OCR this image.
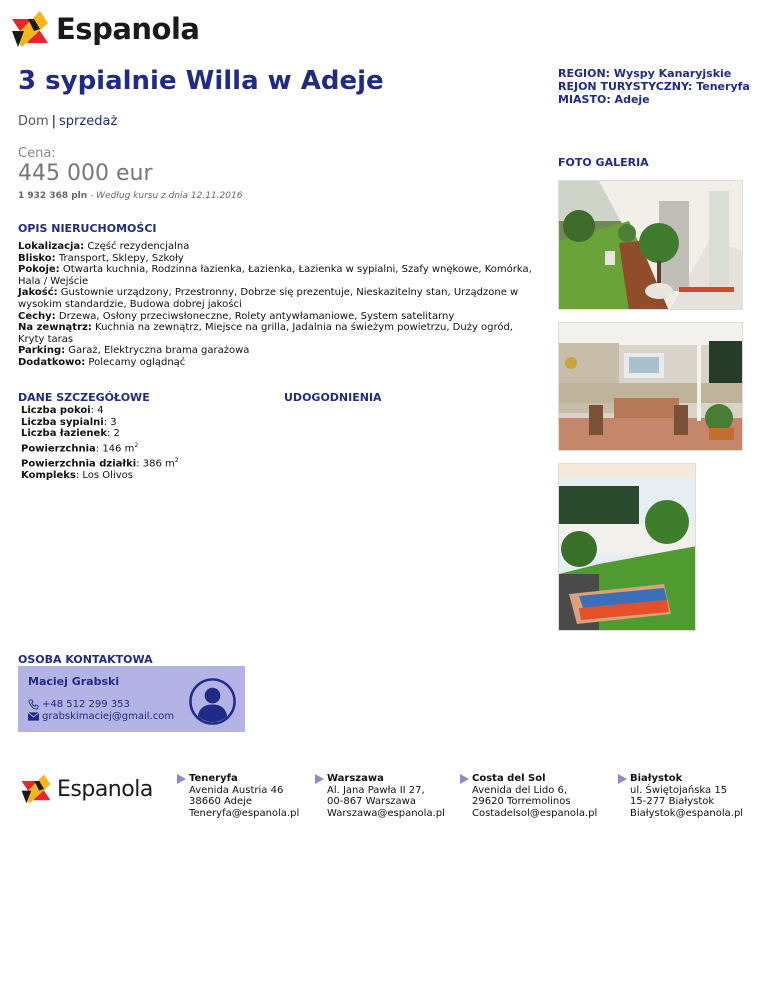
Espanola
3 sypialnie Willa w Adeje	REGION: Wyspy Kanaryjskie
REJON TURYSTYCZNY: Teneryfa
MIASTO: Adeje
Dom | sprzedaż
Cena:
445 000 eur
1 932 368 pln - Według kursu z dnia 12.11.2016
FOTO GALERIA
OPIS NIERUCHOMOŚCI
Lokalizacja: Część rezydencjalna
Blisko: Transport, Sklepy, Szkoły
Pokoje: Otwarta kuchnia, Rodzinna łazienka, Łazienka, Łazienka w sypialni, Szafy wnękowe, Komórka, Hala / Wejście
Jakość: Gustownie urządzony, Przestronny, Dobrze się prezentuje, Nieskazitelny stan, Urządzone w wysokim standardzie, Budowa dobrej jakości
Cechy: Drzewa, Osłony przeciwsłoneczne, Rolety antywłamaniowe, System satelitarny
Na zewnątrz: Kuchnia na zewnątrz, Miejsce na grilla, Jadalnia na świeżym powietrzu, Duży ogród, Kryty taras
Parking: Garaż, Elektryczna brama garażowa
Dodatkowo: Polecamy oglądnąć
DANE SZCZEGÓŁOWE	UDOGODNIENIA
Liczba pokoi: 4
Liczba sypialni: 3
Liczba łazienek: 2
Powierzchnia: 146 $m^2$
Powierzchnia działki: 386 $m^2$
Kompleks: Los Olivos
OSOBA KONTAKTOWA
Maciej Grabski
+48 512 299 353
grabskimaciej@gmail.com
Espanola	Teneryfa
Avenida Austria 46
38660 Adeje
Teneryfa@espanola.pl
Warszawa
Al. Jana Pawła II 27,
00-867 Warszawa
Warszawa@espanola.pl
Costa del Sol
Avenida del Lido 6,
29620 Torremolinos
Costadelsol@espanola.pl
Białystok
ul. Świętojańska 15
15-277 Białystok
Białystok@espanola.pl
